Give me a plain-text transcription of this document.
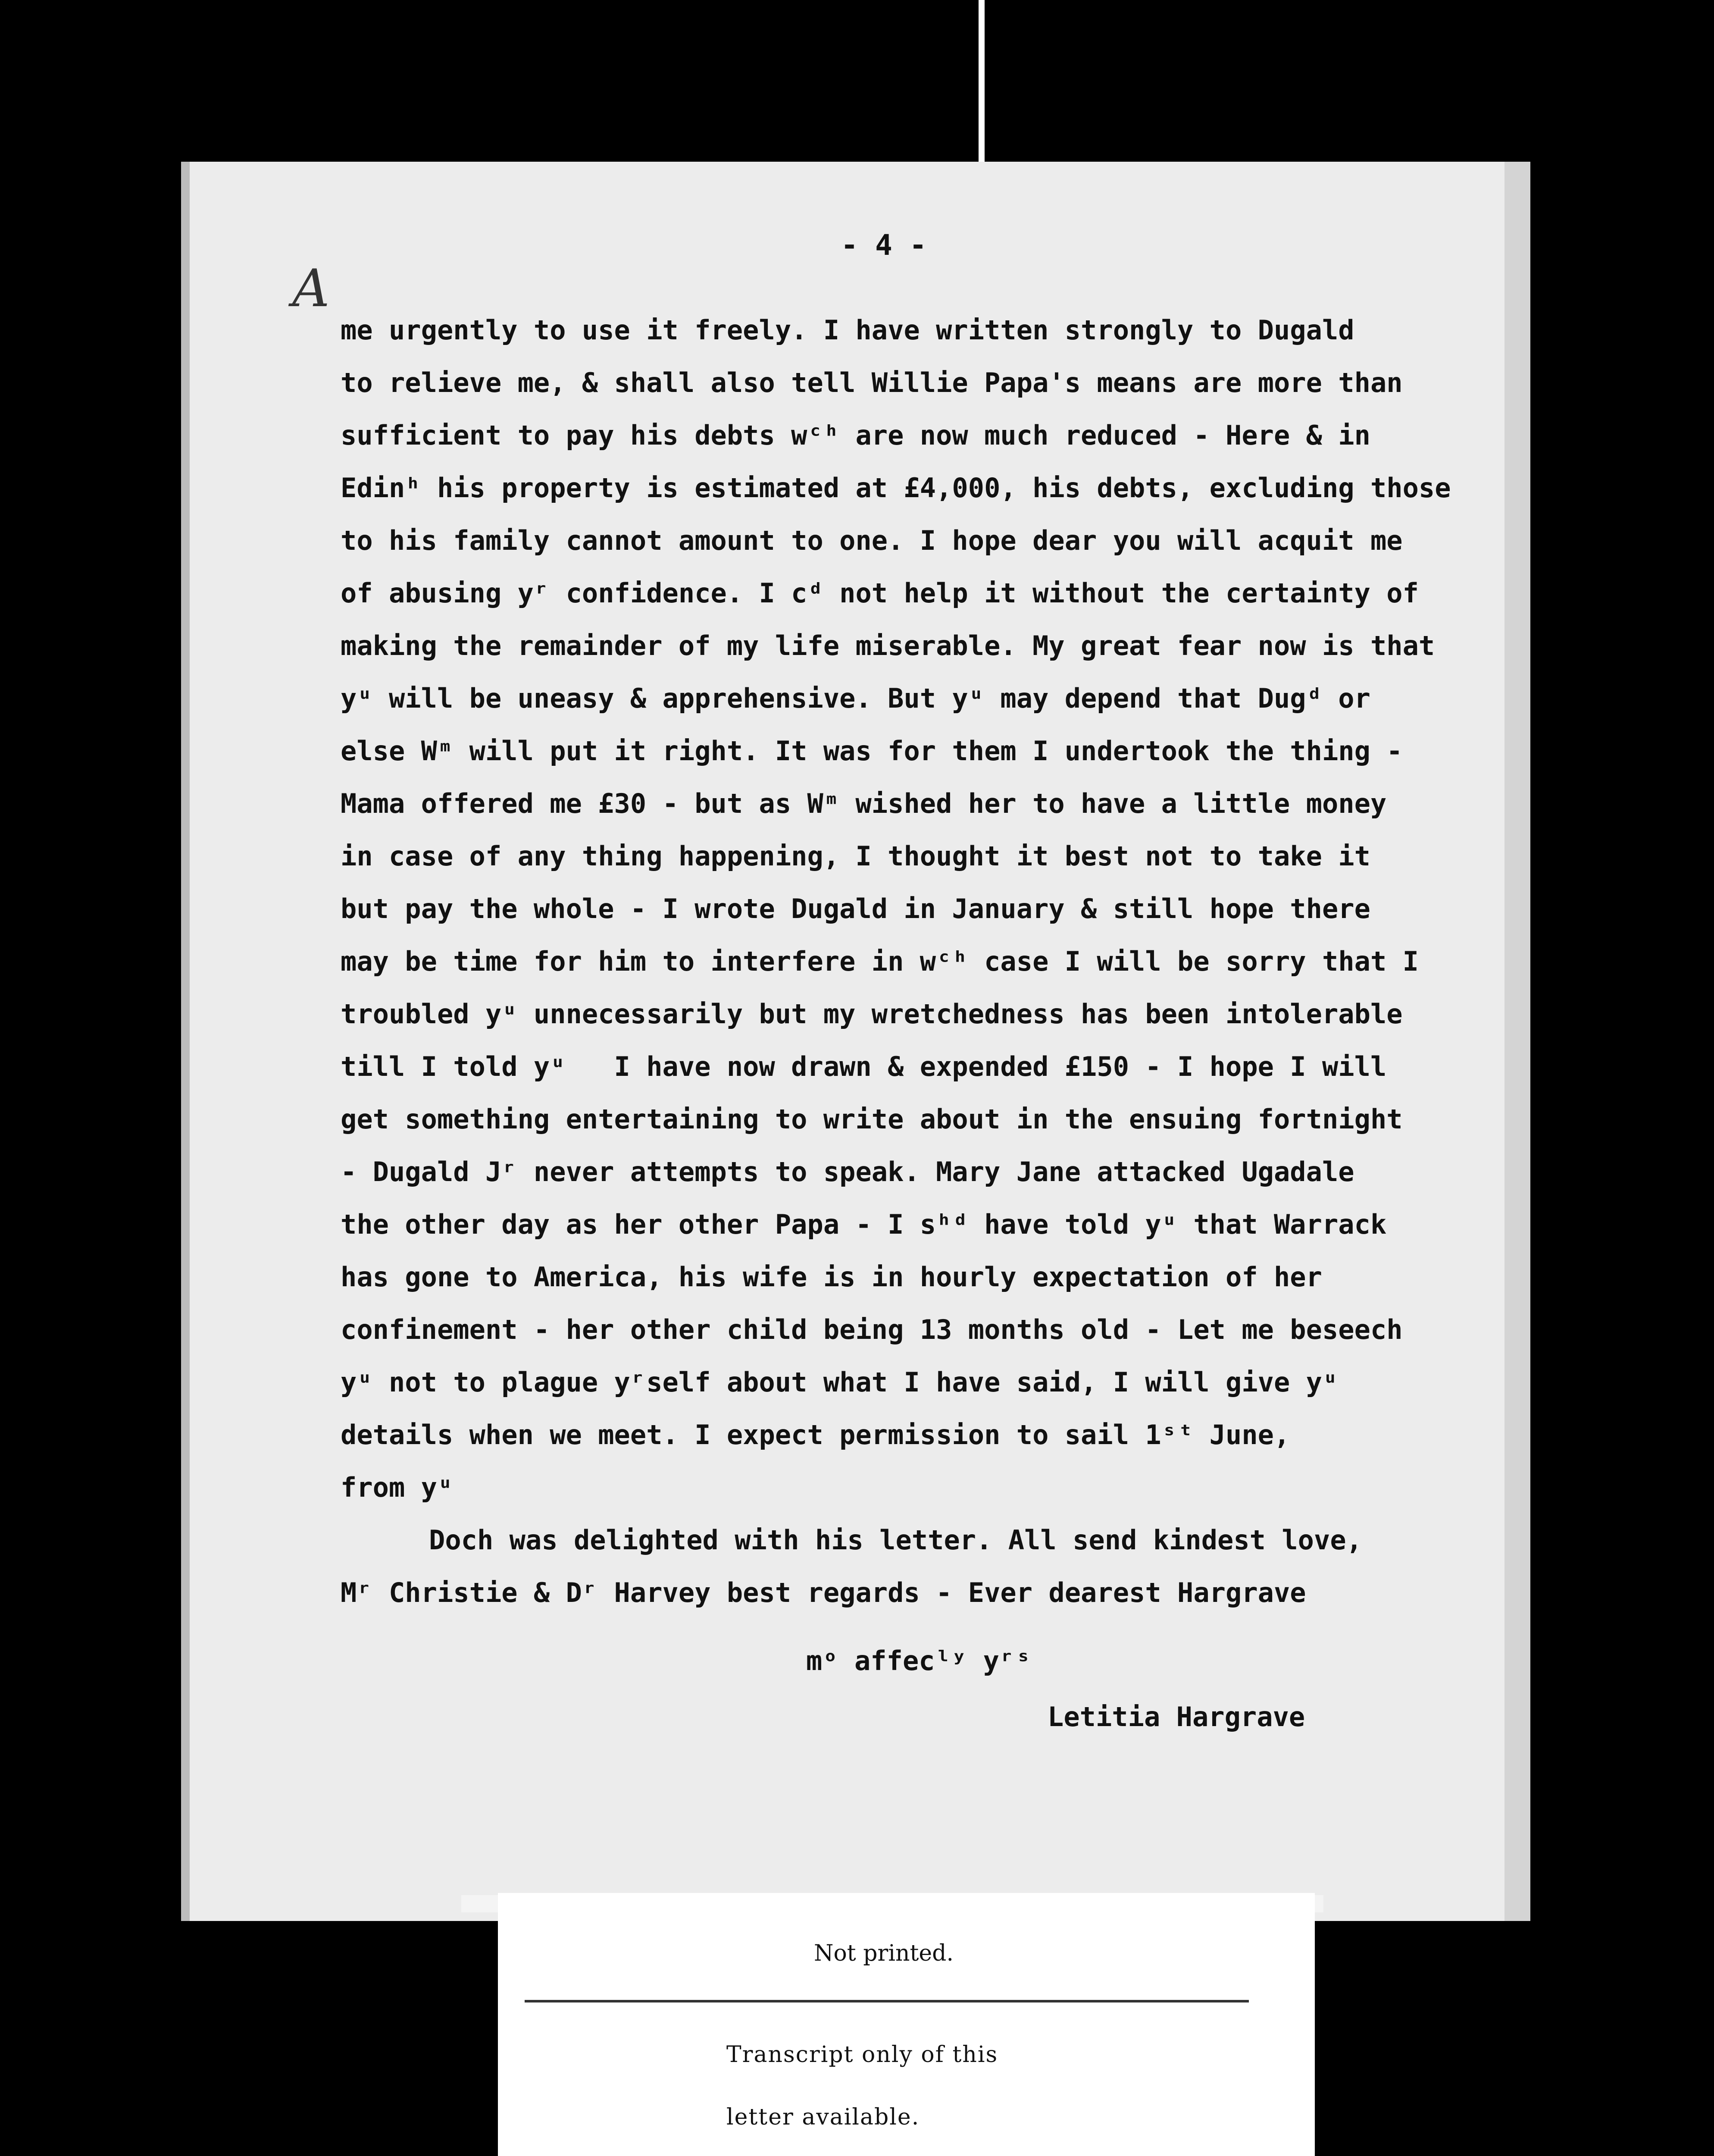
- 4 -
A
me urgently to use it freely. I have written strongly to Dugald
to relieve me, & shall also tell Willie Papa's means are more than
sufficient to pay his debts wᶜʰ are now much reduced - Here & in
Edinʰ his property is estimated at £4,000, his debts, excluding those
to his family cannot amount to one. I hope dear you will acquit me
of abusing yʳ confidence. I cᵈ not help it without the certainty of
making the remainder of my life miserable. My great fear now is that
yᵘ will be uneasy & apprehensive. But yᵘ may depend that Dugᵈ or
else Wᵐ will put it right. It was for them I undertook the thing -
Mama offered me £30 - but as Wᵐ wished her to have a little money
in case of any thing happening, I thought it best not to take it
but pay the whole - I wrote Dugald in January & still hope there
may be time for him to interfere in wᶜʰ case I will be sorry that I
troubled yᵘ unnecessarily but my wretchedness has been intolerable
till I told yᵘ   I have now drawn & expended £150 - I hope I will
get something entertaining to write about in the ensuing fortnight
- Dugald Jʳ never attempts to speak. Mary Jane attacked Ugadale
the other day as her other Papa - I sʰᵈ have told yᵘ that Warrack
has gone to America, his wife is in hourly expectation of her
confinement - her other child being 13 months old - Let me beseech
yᵘ not to plague yʳself about what I have said, I will give yᵘ
details when we meet. I expect permission to sail 1ˢᵗ June,
from yᵘ
Doch was delighted with his letter. All send kindest love,
Mʳ Christie & Dʳ Harvey best regards - Ever dearest Hargrave
mᵒ affecˡʸ yʳˢ
Letitia Hargrave
Not printed.
Transcript only of this
letter available.
